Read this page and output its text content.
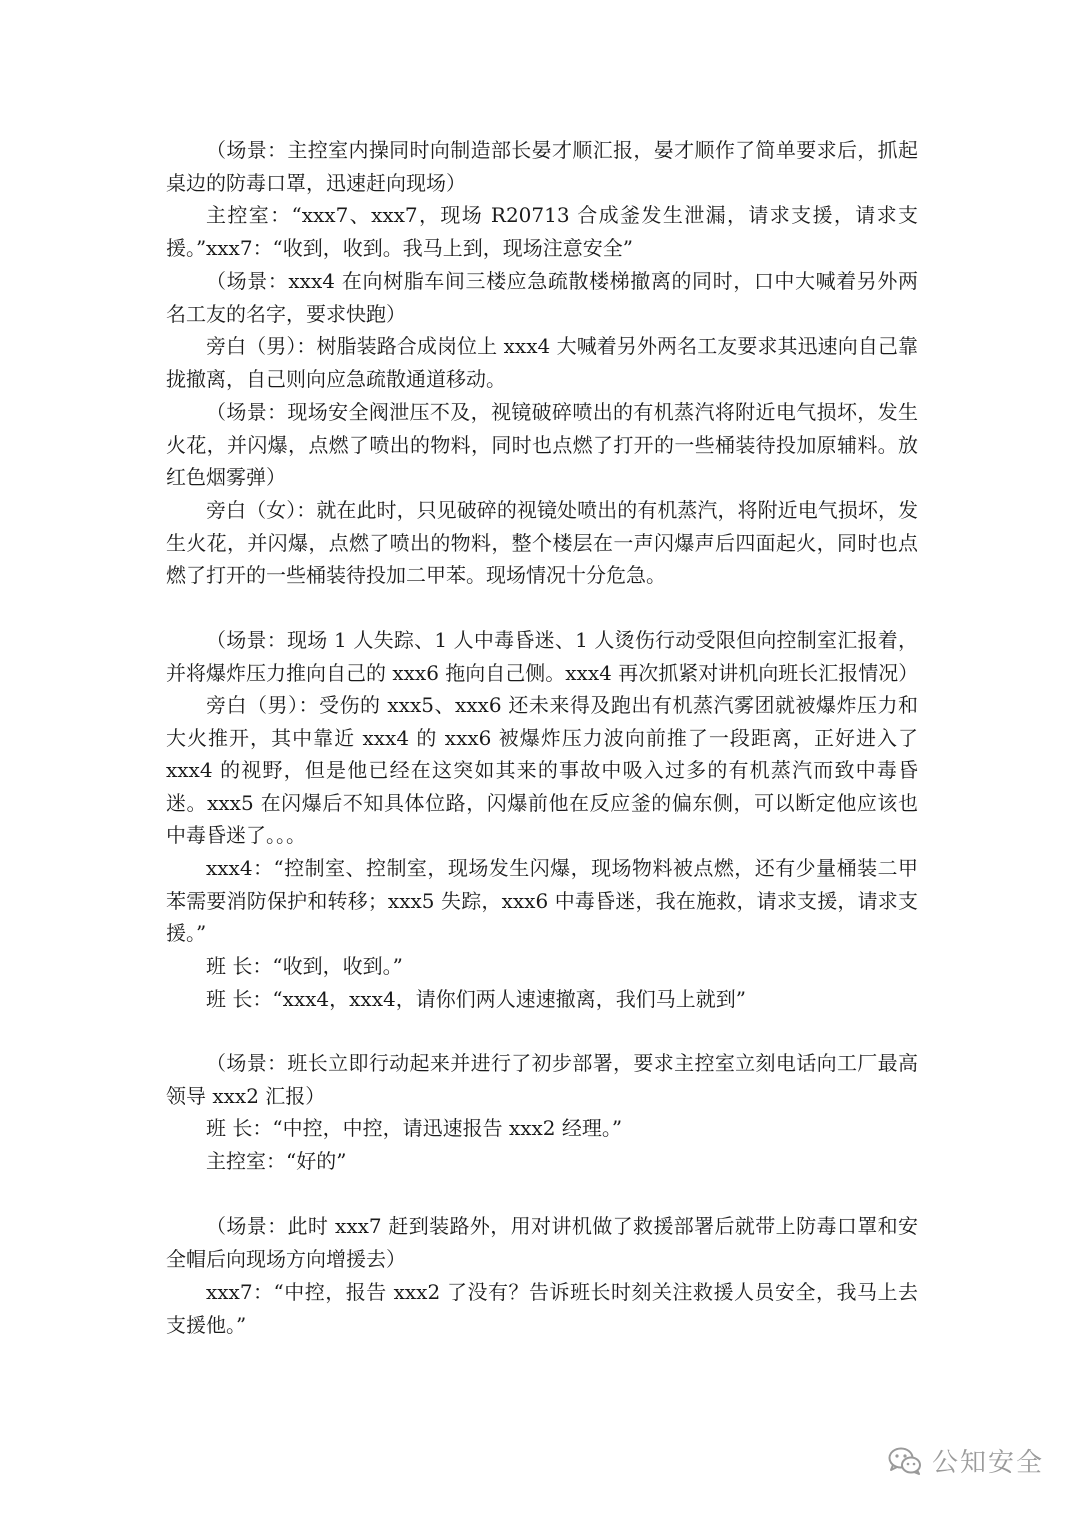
（场景：主控室内操同时向制造部长晏才顺汇报，晏才顺作了简单要求后，抓起桌边的防毒口罩，迅速赶向现场）

主控室：“xxx7、xxx7，现场 R20713 合成釜发生泄漏，请求支援，请求支援。” xxx7：“收到，收到。我马上到，现场注意安全”

（场景：xxx4 在向树脂车间三楼应急疏散楼梯撤离的同时，口中大喊着另外两名工友的名字，要求快跑）

旁白（男）：树脂装路合成岗位上 xxx4 大喊着另外两名工友要求其迅速向自己靠拢撤离，自己则向应急疏散通道移动。

（场景：现场安全阀泄压不及，视镜破碎喷出的有机蒸汽将附近电气损坏，发生火花，并闪爆，点燃了喷出的物料，同时也点燃了打开的一些桶装待投加原辅料。放红色烟雾弹）

旁白（女）：就在此时，只见破碎的视镜处喷出的有机蒸汽，将附近电气损坏，发生火花，并闪爆，点燃了喷出的物料，整个楼层在一声闪爆声后四面起火，同时也点燃了打开的一些桶装待投加二甲苯。现场情况十分危急。

（场景：现场 1 人失踪、1 人中毒昏迷、1 人烫伤行动受限但向控制室汇报着，并将爆炸压力推向自己的 xxx6 拖向自己侧。xxx4 再次抓紧对讲机向班长汇报情况）

旁白（男）：受伤的 xxx5、xxx6 还未来得及跑出有机蒸汽雾团就被爆炸压力和大火推开，其中靠近 xxx4 的 xxx6 被爆炸压力波向前推了一段距离，正好进入了 xxx4 的视野，但是他已经在这突如其来的事故中吸入过多的有机蒸汽而致中毒昏迷。xxx5 在闪爆后不知具体位路，闪爆前他在反应釜的偏东侧，可以断定他应该也中毒昏迷了。。。

xxx4：“控制室、控制室，现场发生闪爆，现场物料被点燃，还有少量桶装二甲苯需要消防保护和转移；xxx5 失踪，xxx6 中毒昏迷，我在施救，请求支援，请求支援。”

班 长：“收到，收到。”

班 长：“xxx4，xxx4，请你们两人速速撤离，我们马上就到”

（场景：班长立即行动起来并进行了初步部署，要求主控室立刻电话向工厂最高领导 xxx2 汇报）

班 长：“中控，中控，请迅速报告 xxx2 经理。”

主控室：“好的”

（场景：此时 xxx7 赶到装路外，用对讲机做了救援部署后就带上防毒口罩和安全帽后向现场方向增援去）

xxx7：“中控，报告 xxx2 了没有？告诉班长时刻关注救援人员安全，我马上去支援他。”

公知安全
